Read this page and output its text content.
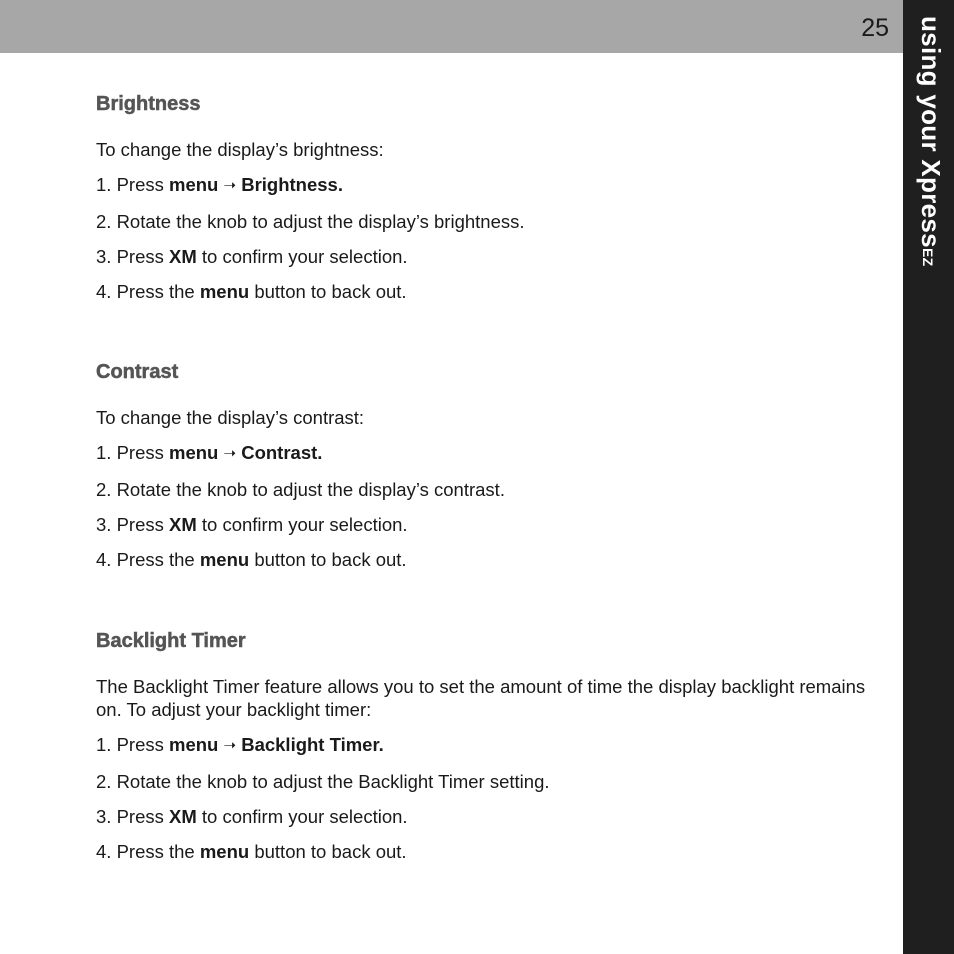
25 using your XpressEZ
Brightness

To change the display’s brightness:

1. Press menu ➝ Brightness.

2. Rotate the knob to adjust the display’s brightness.

3. Press XM to confirm your selection.

4. Press the menu button to back out.

Contrast

To change the display’s contrast:

1. Press menu ➝ Contrast.

2. Rotate the knob to adjust the display’s contrast.

3. Press XM to confirm your selection.

4. Press the menu button to back out.

Backlight Timer

The Backlight Timer feature allows you to set the amount of time the display backlight remains on. To adjust your backlight timer:

1. Press menu ➝ Backlight Timer.

2. Rotate the knob to adjust the Backlight Timer setting.

3. Press XM to confirm your selection.

4. Press the menu button to back out.
